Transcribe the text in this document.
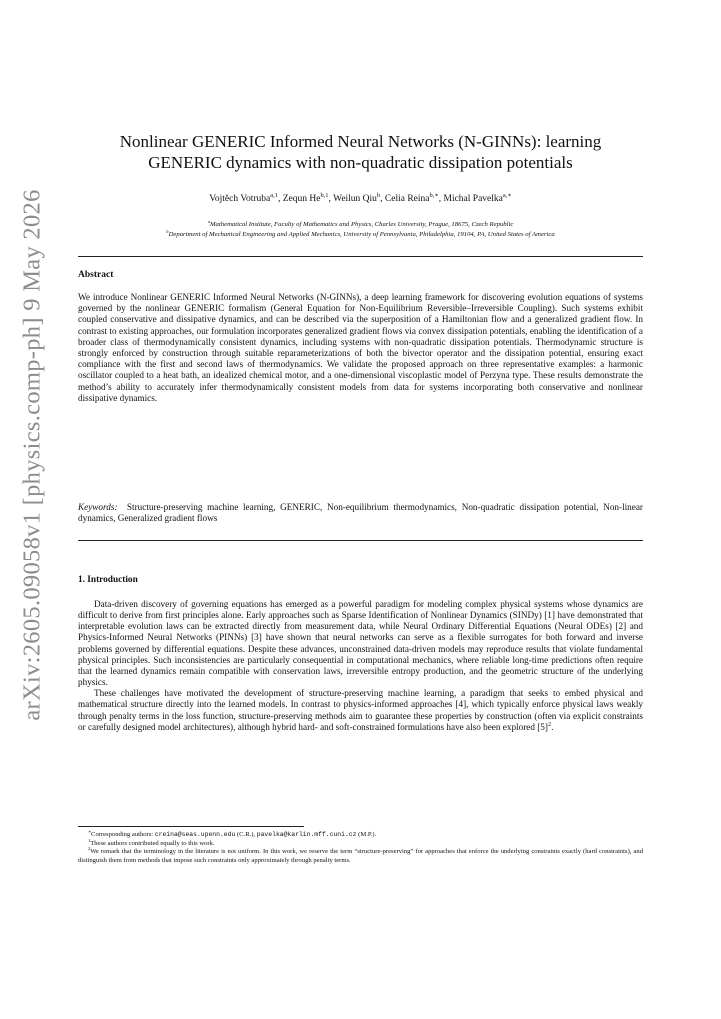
arXiv:2605.09058v1 [physics.comp-ph] 9 May 2026
Nonlinear GENERIC Informed Neural Networks (N-GINNs): learning
GENERIC dynamics with non-quadratic dissipation potentials
Vojtěch Votruba$^{a,1}$, Zequn He$^{b,1}$, Weilun Qiu$^b$, Celia Reina$^{b,∗}$, Michal Pavelka$^{a,∗}$
$^a$Mathematical Institute, Faculty of Mathematics and Physics, Charles University, Prague, 18675, Czech Republic
$^b$Department of Mechanical Engineering and Applied Mechanics, University of Pennsylvania, Philadelphia, 19104, PA, United States of America
Abstract

We introduce Nonlinear GENERIC Informed Neural Networks (N-GINNs), a deep learning framework for discovering evolution equations of systems governed by the nonlinear GENERIC formalism (General Equation for Non-Equilibrium Reversible–Irreversible Coupling). Such systems exhibit coupled conservative and dissipative dynamics, and can be described via the superposition of a Hamiltonian flow and a generalized gradient flow. In contrast to existing approaches, our formulation incorporates generalized gradient flows via convex dissipation potentials, enabling the identification of a broader class of thermodynamically consistent dynamics, including systems with non-quadratic dissipation potentials. Thermodynamic structure is strongly enforced by construction through suitable reparameterizations of both the bivector operator and the dissipation potential, ensuring exact compliance with the first and second laws of thermodynamics. We validate the proposed approach on three representative examples: a harmonic oscillator coupled to a heat bath, an idealized chemical motor, and a one-dimensional viscoplastic model of Perzyna type. These results demonstrate the method’s ability to accurately infer thermodynamically consistent models from data for systems incorporating both conservative and nonlinear dissipative dynamics.

Keywords: Structure-preserving machine learning, GENERIC, Non-equilibrium thermodynamics, Non-quadratic dissipation potential, Non-linear dynamics, Generalized gradient flows

1. Introduction

Data-driven discovery of governing equations has emerged as a powerful paradigm for modeling complex physical systems whose dynamics are difficult to derive from first principles alone. Early approaches such as Sparse Identification of Nonlinear Dynamics (SINDy) [1] have demonstrated that interpretable evolution laws can be extracted directly from measurement data, while Neural Ordinary Differential Equations (Neural ODEs) [2] and Physics-Informed Neural Networks (PINNs) [3] have shown that neural networks can serve as a flexible surrogates for both forward and inverse problems governed by differential equations. Despite these advances, unconstrained data-driven models may reproduce results that violate fundamental physical principles. Such inconsistencies are particularly consequential in computational mechanics, where reliable long-time predictions often require that the learned dynamics remain compatible with conservation laws, irreversible entropy production, and the geometric structure of the underlying physics.

These challenges have motivated the development of structure-preserving machine learning, a paradigm that seeks to embed physical and mathematical structure directly into the learned models. In contrast to physics-informed approaches [4], which typically enforce physical laws weakly through penalty terms in the loss function, structure-preserving methods aim to guarantee these properties by construction (often via explicit constraints or carefully designed model architectures), although hybrid hard- and soft-constrained formulations have also been explored $[5]^2$.

∗Corresponding authors: creina@seas.upenn.edu (C.R.), pavelka@karlin.mff.cuni.cz (M.P.).

$^1$These authors contributed equally to this work.

$^2$We remark that the terminology in the literature is not uniform. In this work, we reserve the term “structure-preserving” for approaches that enforce the underlying constraints exactly (hard constraints), and distinguish them from methods that impose such constraints only approximately through penalty terms.
